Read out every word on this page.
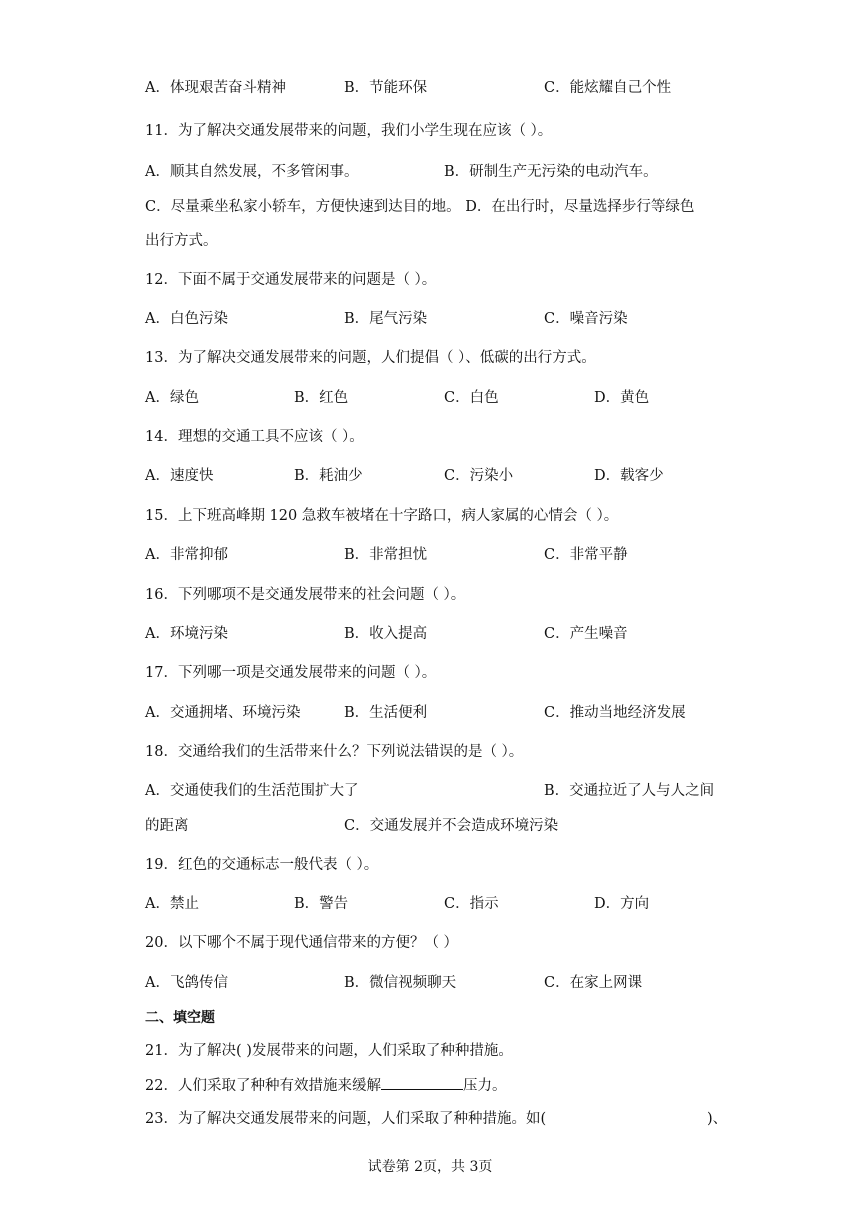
A．体现艰苦奋斗精神	B．节能环保	C．能炫耀自己个性
11．为了解决交通发展带来的问题，我们小学生现在应该（ ）。
A．顺其自然发展，不多管闲事。	B．研制生产无污染的电动汽车。
C．尽量乘坐私家小轿车，方便快速到达目的地。 D．在出行时，尽量选择步行等绿色
出行方式。
12．下面不属于交通发展带来的问题是（ ）。
A．白色污染	B．尾气污染	C．噪音污染
13．为了解决交通发展带来的问题，人们提倡（ ）、低碳的出行方式。
A．绿色	B．红色	C．白色	D．黄色
14．理想的交通工具不应该（ ）。
A．速度快	B．耗油少	C．污染小	D．载客少
15．上下班高峰期 120 急救车被堵在十字路口，病人家属的心情会（ ）。
A．非常抑郁	B．非常担忧	C．非常平静
16．下列哪项不是交通发展带来的社会问题（ ）。
A．环境污染	B．收入提高	C．产生噪音
17．下列哪一项是交通发展带来的问题（ ）。
A．交通拥堵、环境污染	B．生活便利	C．推动当地经济发展
18．交通给我们的生活带来什么？下列说法错误的是（ ）。
A．交通使我们的生活范围扩大了	B．交通拉近了人与人之间
的距离	C．交通发展并不会造成环境污染
19．红色的交通标志一般代表（ ）。
A．禁止	B．警告	C．指示	D．方向
20．以下哪个不属于现代通信带来的方便？（ ）
A．飞鸽传信	B．微信视频聊天	C．在家上网课
二、填空题
21．为了解决( )发展带来的问题，人们采取了种种措施。
22．人们采取了种种有效措施来缓解	压力。
23．为了解决交通发展带来的问题，人们采取了种种措施。如(	)、
试卷第 2页，共 3页
